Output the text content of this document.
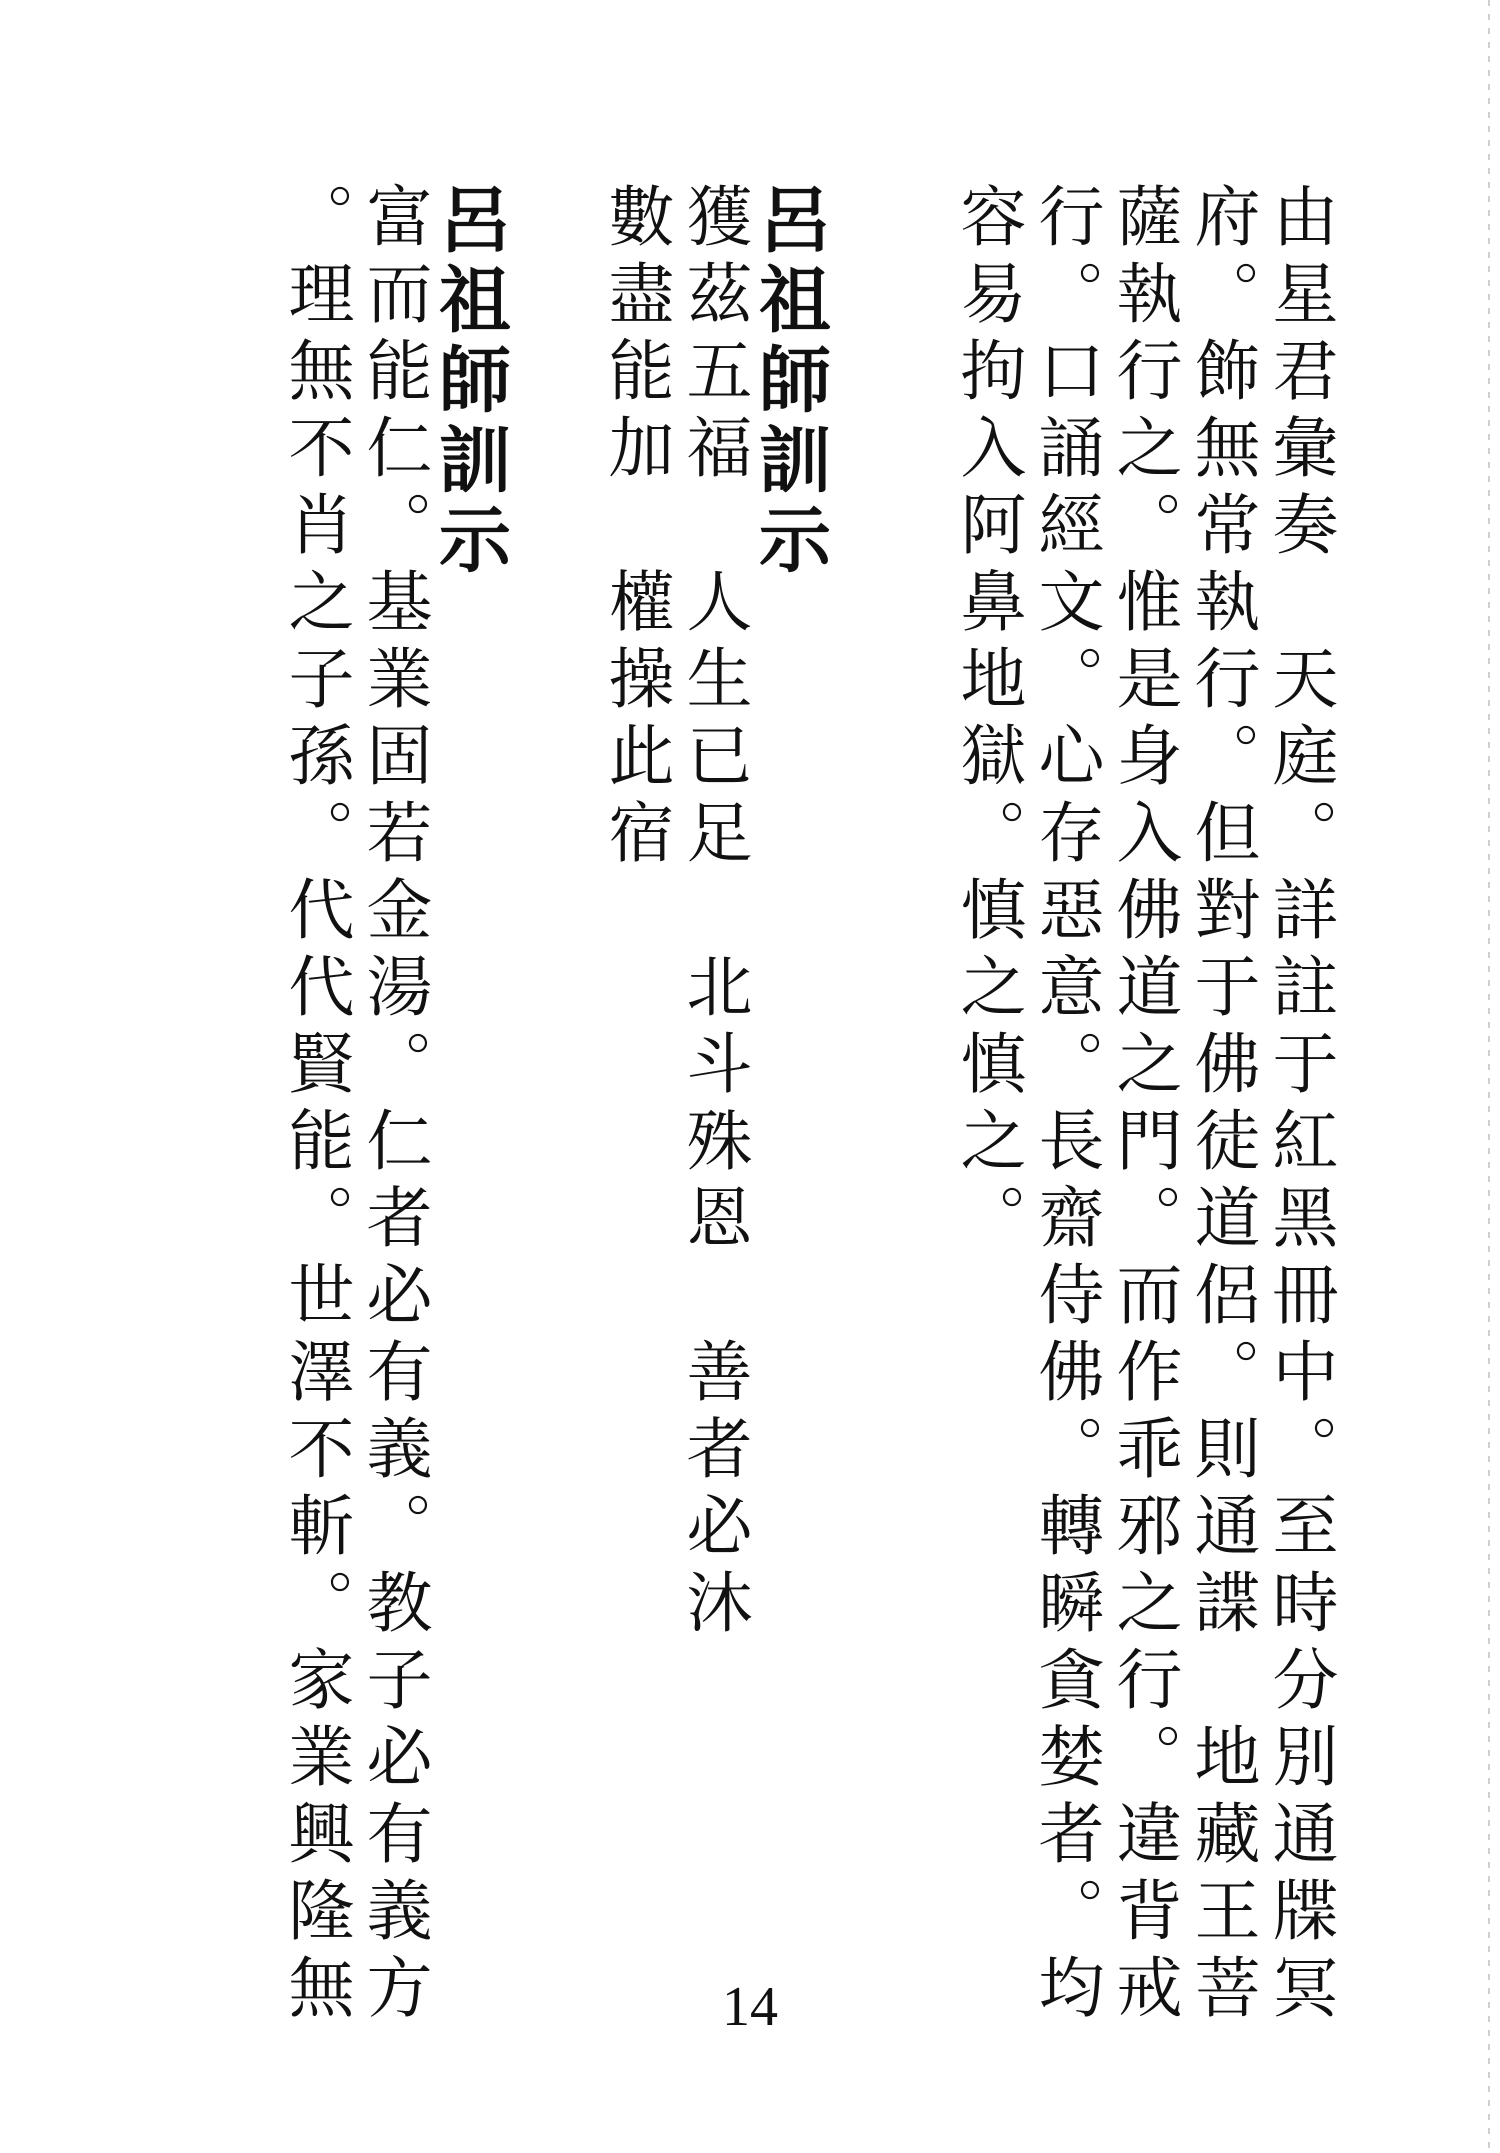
由星君彙奏　天庭。詳註于紅黑冊中。至時分別通牒冥
府。飾無常執行。但對于佛徒道侶。則通諜　地藏王菩
薩執行之。惟是身入佛道之門。而作乖邪之行。違背戒
行。口誦經文。心存惡意。長齋侍佛。轉瞬貪婪者。均
容易拘入阿鼻地獄。慎之慎之。
呂祖師訓示
獲茲五福　人生已足　北斗殊恩　善者必沐
數盡能加　權操此宿
呂祖師訓示
富而能仁。基業固若金湯。仁者必有義。教子必有義方
。理無不肖之子孫。代代賢能。世澤不斬。家業興隆無	14
